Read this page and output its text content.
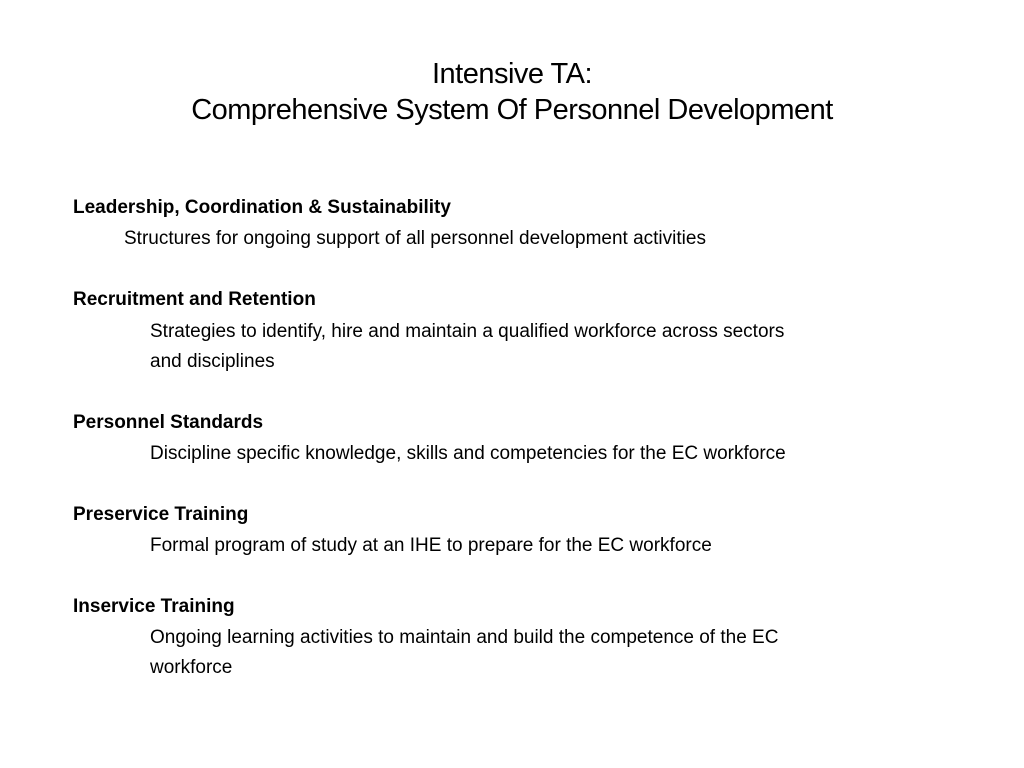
Intensive TA:
Comprehensive System Of Personnel Development
Leadership, Coordination & Sustainability
Structures for ongoing support of all personnel development activities
Recruitment and Retention
Strategies to identify, hire and maintain a qualified workforce across sectors
and disciplines
Personnel Standards
Discipline specific knowledge, skills and competencies for the EC workforce
Preservice Training
Formal program of study at an IHE to prepare for the EC workforce
Inservice Training
Ongoing learning activities to maintain and build the competence of the EC
workforce
